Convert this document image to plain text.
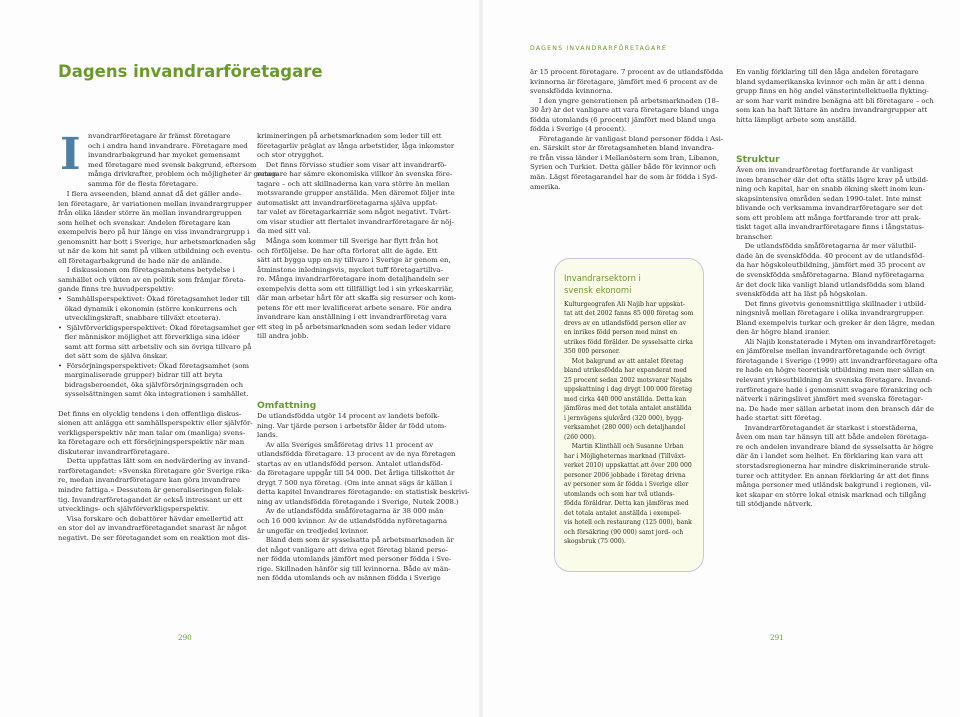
DAGENS INVANDRARFÖRETAGARE
Dagens invandrarföretagare
I nvandrarföretagare är främst företagare
och i andra hand invandrare. Företagare med
invandrarbakgrund har mycket gemensamt
med företagare med svensk bakgrund, eftersom
många drivkrafter, problem och möjligheter är gemen-
samma för de flesta företagare.
I flera avseenden, bland annat då det gäller ande-
len företagare, är variationen mellan invandrargrupper
från olika länder större än mellan invandrargruppen
som helhet och svenskar. Andelen företagare kan
exempelvis bero på hur länge en viss invandrargrupp i
genomsnitt har bott i Sverige, hur arbetsmarknaden såg
ut när de kom hit samt på vilken utbildning och eventu-
ell företagarbakgrund de hade när de anlände.
I diskussionen om företagsamhetens betydelse i
samhället och vikten av en politik som främjar företa-
gande finns tre huvudperspektiv:
•  Samhällsperspektivet: Ökad företagsamhet leder till
ökad dynamik i ekonomin (större konkurrens och
utvecklingskraft, snabbare tillväxt etcetera).
•  Självförverkligsperspektivet: Ökad företagsamhet ger
fler människor möjlighet att förverkliga sina idéer
samt att forma sitt arbetsliv och sin övriga tillvaro på
det sätt som de själva önskar.
•  Försörjningsperspektivet: Ökad företagsamhet (som
marginaliserade grupper) bidrar till att bryta
bidragsberoendet, öka självförsörjningsgraden och
sysselsättningen samt öka integrationen i samhället.

Det finns en olycklig tendens i den offentliga diskus-
sionen att anlägga ett samhällsperspektiv eller självför-
verkligsperspektiv när man talar om (manliga) svens-
ka företagare och ett försörjningsperspektiv när man
diskuterar invandrarföretagare.
Detta uppfattas lätt som en nedvärdering av invand-
rarföretagandet: »Svenska företagare gör Sverige rika-
re, medan invandrarföretagare kan göra invandrare
mindre fattiga.« Dessutom är generaliseringen felak-
tig. Invandrarföretagandet är också intressant ur ett
utvecklings- och självförverkligsperspektiv.
Visa forskare och debattörer hävdar emellertid att
en stor del av invandrarföretagandet snarast är något
negativt. De ser företagandet som en reaktion mot dis-
krimineringen på arbetsmarknaden som leder till ett
företagarliv präglat av långa arbetstider, låga inkomster
och stor otrygghet.
Det finns förvisso studier som visar att invandrarfö-
retagare har sämre ekonomiska villkor än svenska före-
tagare – och att skillnaderna kan vara större än mellan
motsvarande grupper anställda. Men däremot följer inte
automatiskt att invandrarföretagarna själva uppfat-
tar valet av företagarkarriär som något negativt. Tvärt-
om visar studier att flertalet invandrarföretagare är nöj-
da med sitt val.
Många som kommer till Sverige har flytt från hot
och förföljelse. De har ofta förlorat allt de ägde. Ett
sätt att bygga upp en ny tillvaro i Sverige är genom en,
åtminstone inledningsvis, mycket tuff företagartillva-
ro. Många invandrarföretagare inom detaljhandeln ser
exempelvis detta som ett tillfälligt led i sin yrkeskarriär,
där man arbetar hårt för att skaffa sig resurser och kom-
petens för ett mer kvalificerat arbete senare. För andra
invandrare kan anställning i ett invandrarföretag vara
ett steg in på arbetsmarknaden som sedan leder vidare
till andra jobb.
Omfattning
De utlandsfödda utgör 14 procent av landets befolk-
ning. Var tjärde person i arbetsför ålder är född utom-
lands.
Av alla Sveriges småföretag drivs 11 procent av
utlandsfödda företagare. 13 procent av de nya företagen
startas av en utlandsfödd person. Antalet utlandsföd-
da företagare uppgår till 54 000. Det årliga tillskottet är
drygt 7 500 nya företag. (Om inte annat sägs är källan i
detta kapitel Invandrares företagande: en statistisk beskrivi-
ning av utlandsfödda företagande i Sverige, Nutek 2008.)
Av de utlandsfödda småföretagarna är 38 000 män
och 16 000 kvinnor. Av de utlandsfödda nyföretagarna
är ungefär en tredjedel kvinnor.
Bland dem som är sysselsatta på arbetsmarknaden är
det något vanligare att driva eget företag bland perso-
ner födda utomlands jämfört med personer födda i Sve-
rige. Skillnaden hänför sig till kvinnorna. Både av män-
nen födda utomlands och av männen födda i Sverige
är 15 procent företagare. 7 procent av de utlandsfödda
kvinnorna är företagare, jämfört med 6 procent av de
svenskfödda kvinnorna.
I den yngre generationen på arbetsmarknaden (18–
30 år) är det vanligare att vara företagare bland unga
födda utomlands (6 procent) jämfört med bland unga
födda i Sverige (4 procent).
Företagande är vanligast bland personer födda i Asi-
en. Särskilt stor är företagsamheten bland invandra-
re från vissa länder i Mellanöstern som Iran, Libanon,
Syrien och Turkiet. Detta gäller både för kvinnor och
män. Lägst företagarandel har de som är födda i Syd-
amerika.
Invandrarsektorn i
svensk ekonomi
Kulturgeografen Ali Najib har uppskat-
tat att det 2002 fanns 85 000 företag som
drevs av en utlandsfödd person eller av
en inrikes född person med minst en
utrikes född förälder. De sysselsatte cirka
350 000 personer.
Mot bakgrund av att antalet företag
bland utrikesfödda har expanderat med
25 procent sedan 2002 motsvarar Najabs
uppskattning i dag drygt 100 000 företag
med cirka 440 000 anställda. Detta kan
jämföras med det totala antalet anställda
i jernvägens sjukvård (320 000), bygg-
verksamhet (280 000) och detaljhandel
(260 000).
Martin Klinthäll och Susanne Urban
har i Möjligheternas marknad (Tillväxt-
verket 2010) uppskattat att över 200 000
personer 2006 jobbade i företag drivna
av personer som är födda i Sverige eller
utomlands och som har två utlands-
födda föräldrar. Detta kan jämföras med
det totala antalet anställda i exempel-
vis hotell och restaurang (125 000), bank
och försäkring (90 000) samt jord- och
skogsbruk (75 000).
En vanlig förklaring till den låga andelen företagare
bland sydamerikanska kvinnor och män är att i denna
grupp finns en hög andel vänsterintellektuella flykting-
ar som har varit mindre benägna att bli företagare – och
som kan ha haft lättare än andra invandrargrupper att
hitta lämpligt arbete som anställd.
Struktur
Även om invandrarföretag fortfarande är vanligast
inom branscher där det ofta ställs lägre krav på utbild-
ning och kapital, har en snabb ökning skett inom kun-
skapsintensiva områden sedan 1990-talet. Inte minst
blivande och verksamma invandrarföretagare ser det
som ett problem att många fortfarande tror att prak-
tiskt taget alla invandrarföretagare finns i långstatus-
branscher.
De utlandsfödda småföretagarna är mer välutbil-
dade än de svenskfödda. 40 procent av de utlandsföd-
da har högskoleutbildning, jämfört med 35 procent av
de svenskfödda småföretagarna. Bland nyföretagarna
är det dock lika vanligt bland utlandsfödda som bland
svenskfödda att ha läst på högskolan.
Det finns givetvis genomsnittliga skillnader i utbild-
ningsnivå mellan företagare i olika invandrargrupper.
Bland exempelvis turkar och greker är den lägre, medan
den är högre bland iranier.
Ali Najib konstaterade i Myten om invandrarföretaget:
en jämförelse mellan invandrarföretagande och övrigt
företagande i Sverige (1999) att invandrarföretagare ofta
re hade en högre teoretisk utbildning men mer sällan en
relevant yrkesutbildning än svenska företagare. Invand-
rarföretagare hade i genomsnitt svagare förankring och
nätverk i näringslivet jämfört med svenska företagar-
na. De hade mer sällan arbetat inom den bransch där de
hade startat sitt företag.
Invandrarföretagandet är starkast i storstäderna,
åven om man tar hänsyn till att både andelen företaga-
re och andelen invandrare bland de sysselsatta är högre
där än i landet som helhet. En förklaring kan vara att
storstadsregionerna har mindre diskriminerande struk-
turer och attityder. En annan förklaring är att det finns
många personer med utländsk bakgrund i regionen, vil-
ket skapar en större lokal etnisk marknad och tillgång
till stödjande nätverk.
290	291
